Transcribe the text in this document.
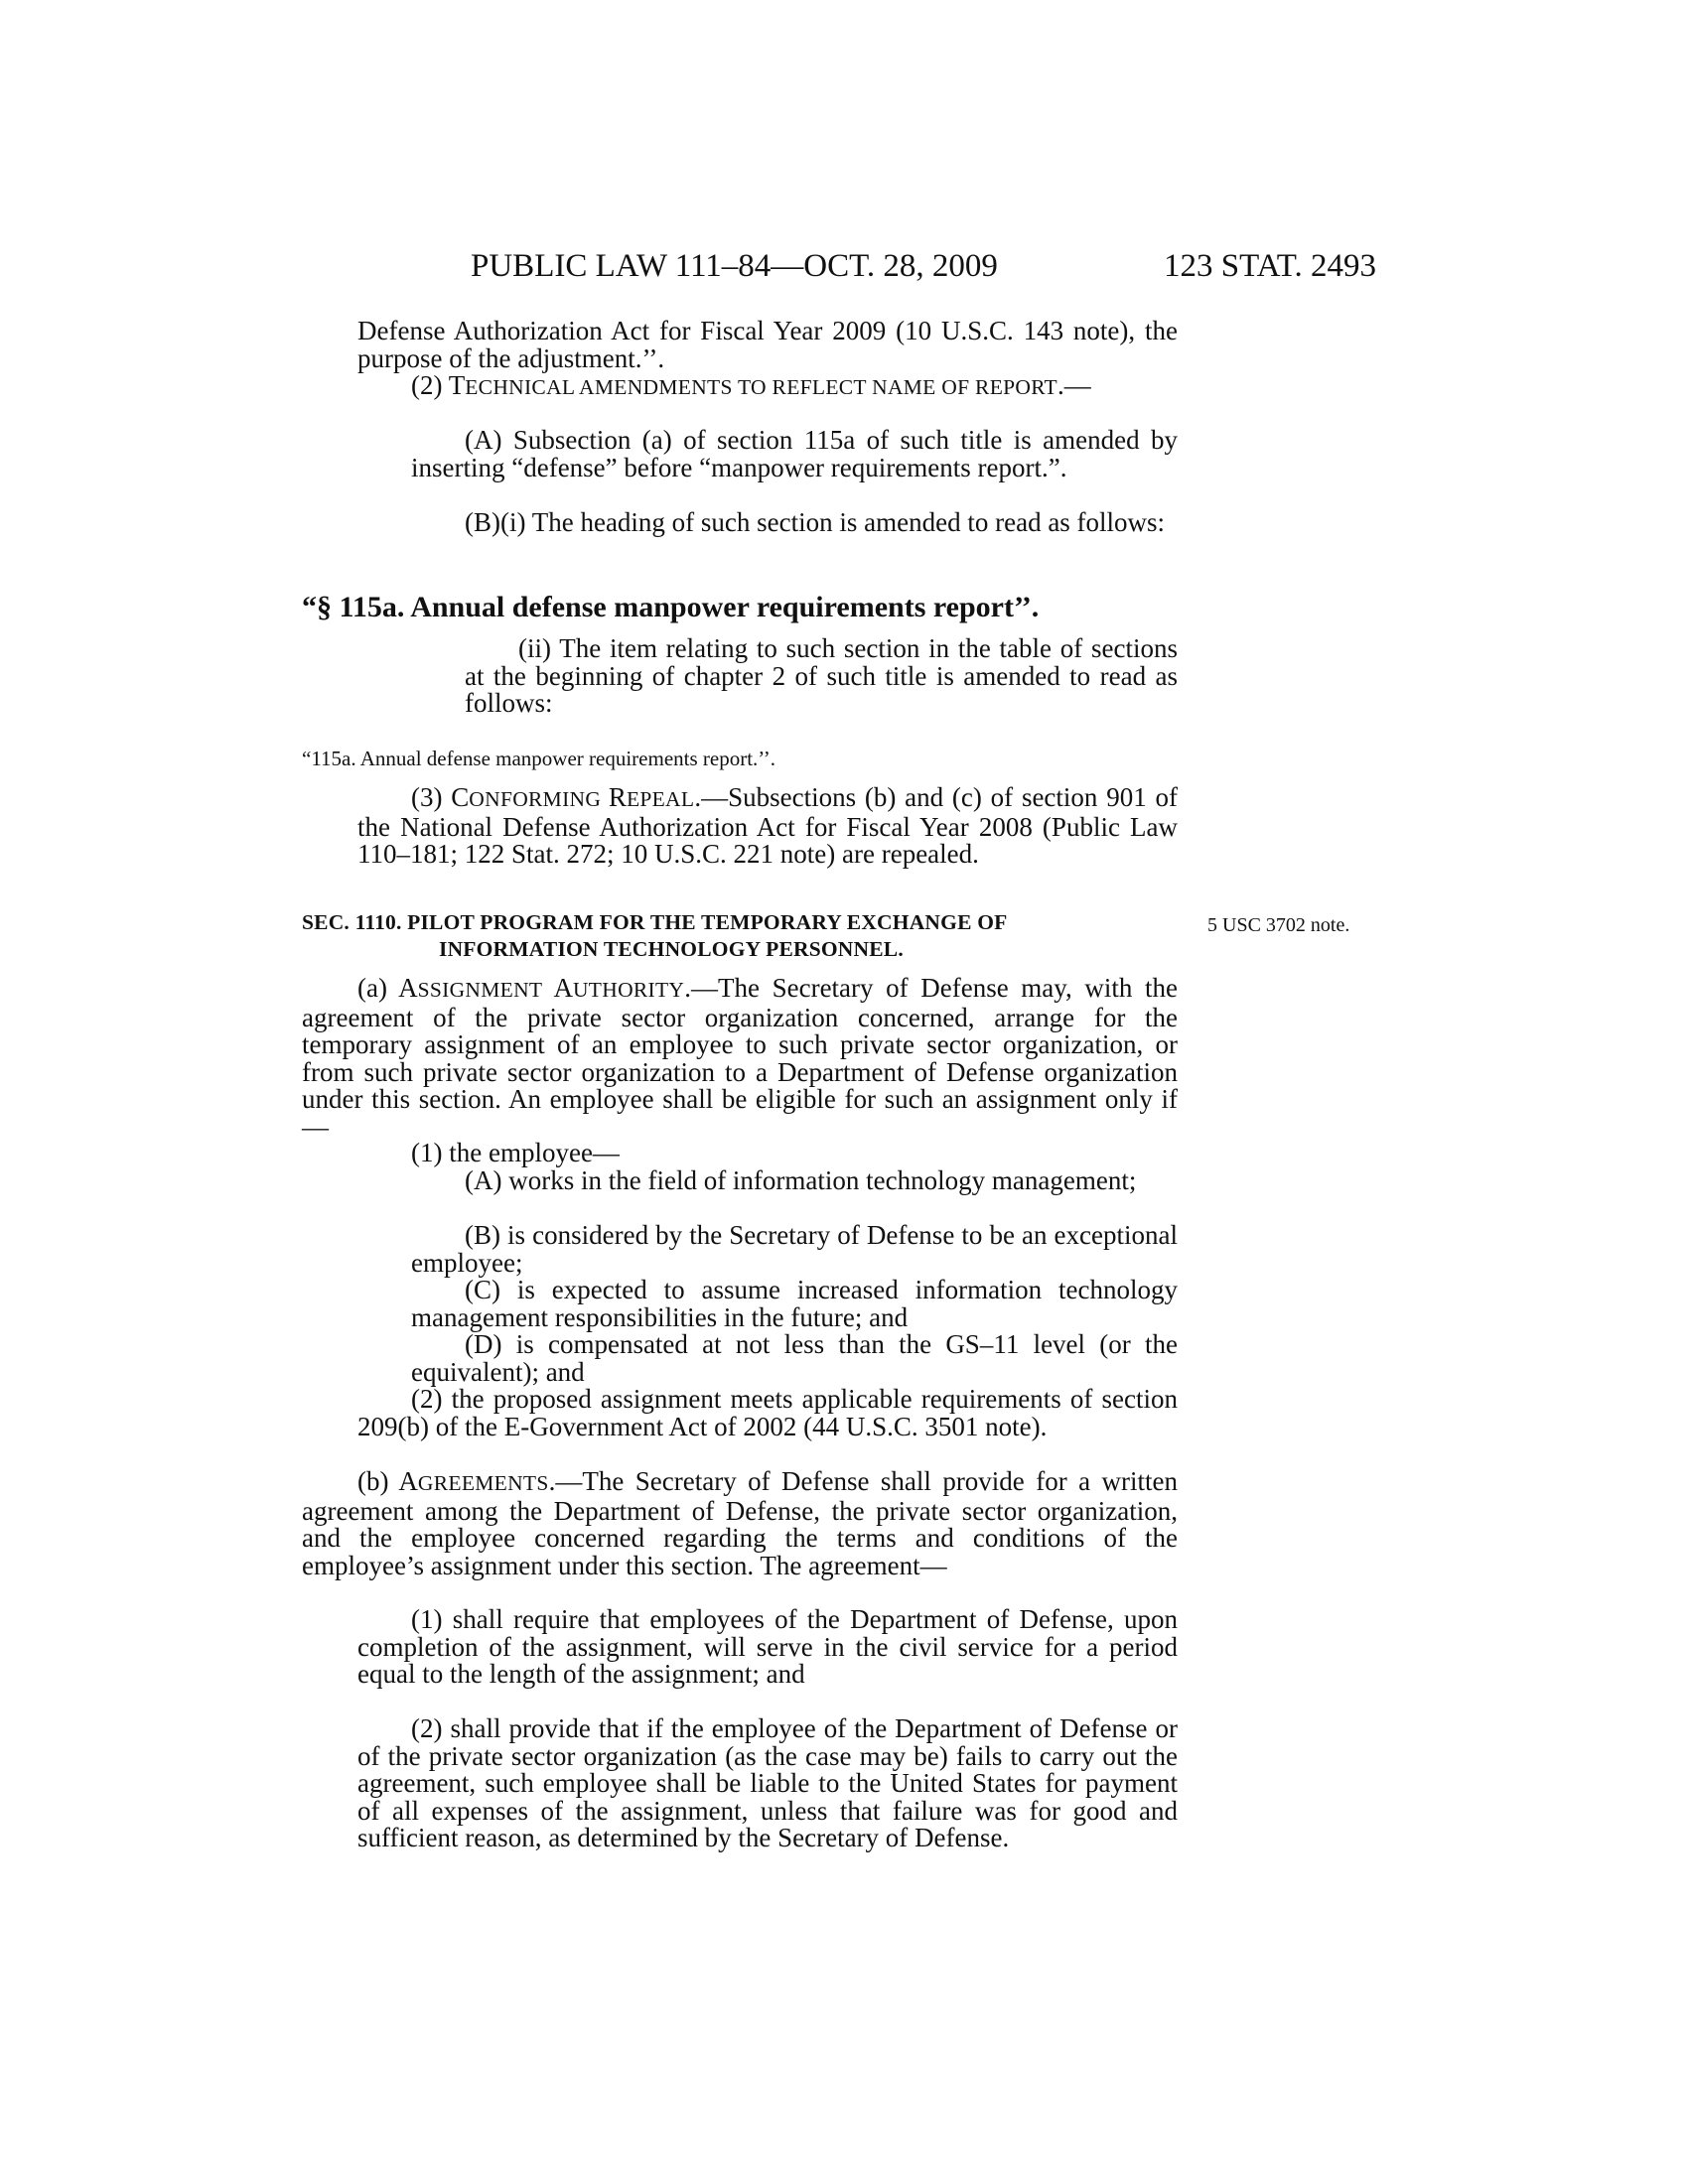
PUBLIC LAW 111–84—OCT. 28, 2009	123 STAT. 2493

Defense Authorization Act for Fiscal Year 2009 (10 U.S.C. 143 note), the purpose of the adjustment.’’.

(2) TECHNICAL AMENDMENTS TO REFLECT NAME OF REPORT.—

(A) Subsection (a) of section 115a of such title is amended by inserting “defense” before “manpower requirements report.”.

(B)(i) The heading of such section is amended to read as follows:

“§ 115a. Annual defense manpower requirements report’’.

(ii) The item relating to such section in the table of sections at the beginning of chapter 2 of such title is amended to read as follows:

“115a. Annual defense manpower requirements report.’’.

(3) CONFORMING REPEAL.—Subsections (b) and (c) of section 901 of the National Defense Authorization Act for Fiscal Year 2008 (Public Law 110–181; 122 Stat. 272; 10 U.S.C. 221 note) are repealed.

SEC. 1110. PILOT PROGRAM FOR THE TEMPORARY EXCHANGE OF
INFORMATION TECHNOLOGY PERSONNEL.
5 USC 3702 note.

(a) ASSIGNMENT AUTHORITY.—The Secretary of Defense may, with the agreement of the private sector organization concerned, arrange for the temporary assignment of an employee to such private sector organization, or from such private sector organization to a Department of Defense organization under this section. An employee shall be eligible for such an assignment only if—

(1) the employee—

(A) works in the field of information technology management;

(B) is considered by the Secretary of Defense to be an exceptional employee;

(C) is expected to assume increased information technology management responsibilities in the future; and

(D) is compensated at not less than the GS–11 level (or the equivalent); and

(2) the proposed assignment meets applicable requirements of section 209(b) of the E-Government Act of 2002 (44 U.S.C. 3501 note).

(b) AGREEMENTS.—The Secretary of Defense shall provide for a written agreement among the Department of Defense, the private sector organization, and the employee concerned regarding the terms and conditions of the employee’s assignment under this section. The agreement—

(1) shall require that employees of the Department of Defense, upon completion of the assignment, will serve in the civil service for a period equal to the length of the assignment; and

(2) shall provide that if the employee of the Department of Defense or of the private sector organization (as the case may be) fails to carry out the agreement, such employee shall be liable to the United States for payment of all expenses of the assignment, unless that failure was for good and sufficient reason, as determined by the Secretary of Defense.
